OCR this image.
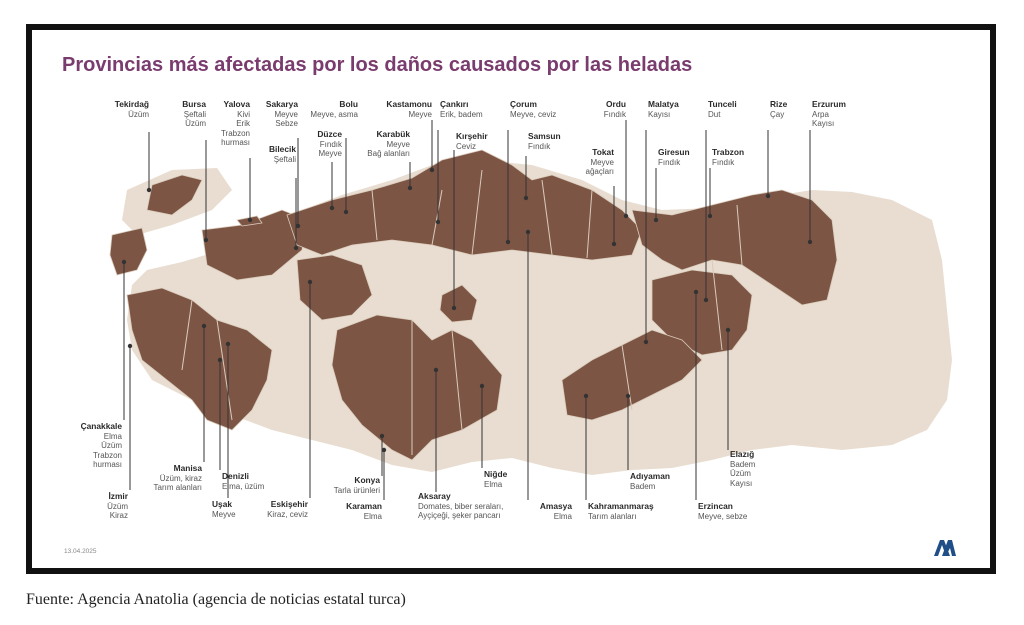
Provincias más afectadas por los daños causados por las heladas
Tekirdağ
Üzüm
Bursa
Şeftali
Üzüm
Yalova
Kivi
Erik
Trabzon
hurması
Sakarya
Meyve
Sebze
Bilecik
Şeftali
Bolu
Meyve, asma
Düzce
Fındık
Meyve
Kastamonu
Meyve
Karabük
Meyve
Bağ alanları
Çankırı
Erik, badem
Kırşehir
Ceviz
Çorum
Meyve, ceviz
Samsun
Fındık
Ordu
Fındık
Tokat
Meyve
ağaçları
Malatya
Kayısı
Giresun
Fındık
Tunceli
Dut
Trabzon
Fındık
Rize
Çay
Erzurum
Arpa
Kayısı
Çanakkale
Elma
Üzüm
Trabzon
hurması
İzmir
Üzüm
Kiraz
Manisa
Üzüm, kiraz
Tarım alanları
Denizli
Elma, üzüm
Uşak
Meyve
Eskişehir
Kiraz, ceviz
Konya
Tarla ürünleri
Karaman
Elma
Aksaray
Domates, biber seraları,
Ayçiçeği, şeker pancarı
Niğde
Elma
Amasya
Elma
Kahramanmaraş
Tarım alanları
Adıyaman
Badem
Erzincan
Meyve, sebze
Elazığ
Badem
Üzüm
Kayısı
13.04.2025

Fuente: Agencia Anatolia (agencia de noticias estatal turca)
